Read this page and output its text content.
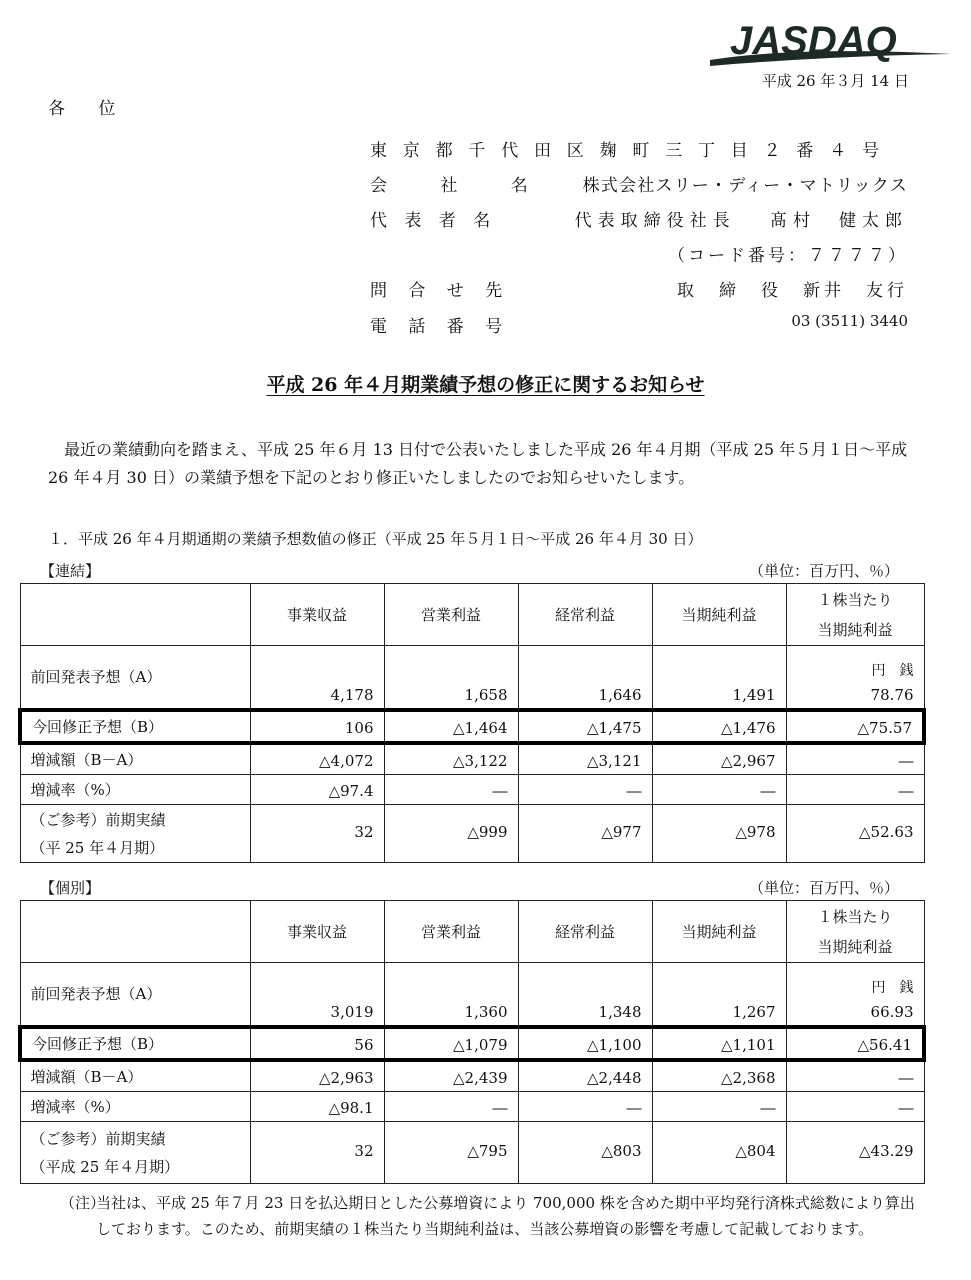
JASDAQ
平成 26 年３月 14 日
各 位
東京都千代田区麹町三丁目２番４号
会 社 名 株式会社スリー・ディー・マトリックス
代 表 者 名	代表取締役社長　 髙村　健太郎
（コード番号：７７７７）
問 合 せ 先	取　締　役　新井　友行
電 話 番 号	03 (3511) 3440
平成 26 年４月期業績予想の修正に関するお知らせ
最近の業績動向を踏まえ、平成 25 年６月 13 日付で公表いたしました平成 26 年４月期（平成 25 年５月１日～平成 26 年４月 30 日）の業績予想を下記のとおり修正いたしましたのでお知らせいたします。
１．平成 26 年４月期通期の業績予想数値の修正（平成 25 年５月１日～平成 26 年４月 30 日）
【連結】	（単位：百万円、％）
	事業収益	営業利益	経常利益	当期純利益	１株当たり
当期純利益
前回発表予想（A）	4,178	1,658	1,646	1,491	円　銭
78.76
今回修正予想（B）	106	△1,464	△1,475	△1,476	△75.57
増減額（B－A）	△4,072	△3,122	△3,121	△2,967	―
増減率（%）	△97.4	―	―	―	―
（ご参考）前期実績
（平 25 年４月期）	32	△999	△977	△978	△52.63
【個別】	（単位：百万円、％）
	事業収益	営業利益	経常利益	当期純利益	１株当たり
当期純利益
前回発表予想（A）	3,019	1,360	1,348	1,267	円　銭
66.93
今回修正予想（B）	56	△1,079	△1,100	△1,101	△56.41
増減額（B－A）	△2,963	△2,439	△2,448	△2,368	―
増減率（%）	△98.1	―	―	―	―
（ご参考）前期実績
（平成 25 年４月期）	32	△795	△803	△804	△43.29
（注）
当社は、平成 25 年７月 23 日を払込期日とした公募増資により 700,000 株を含めた期中平均発行済株式総数により算出しております。このため、前期実績の１株当たり当期純利益は、当該公募増資の影響を考慮して記載しております。
